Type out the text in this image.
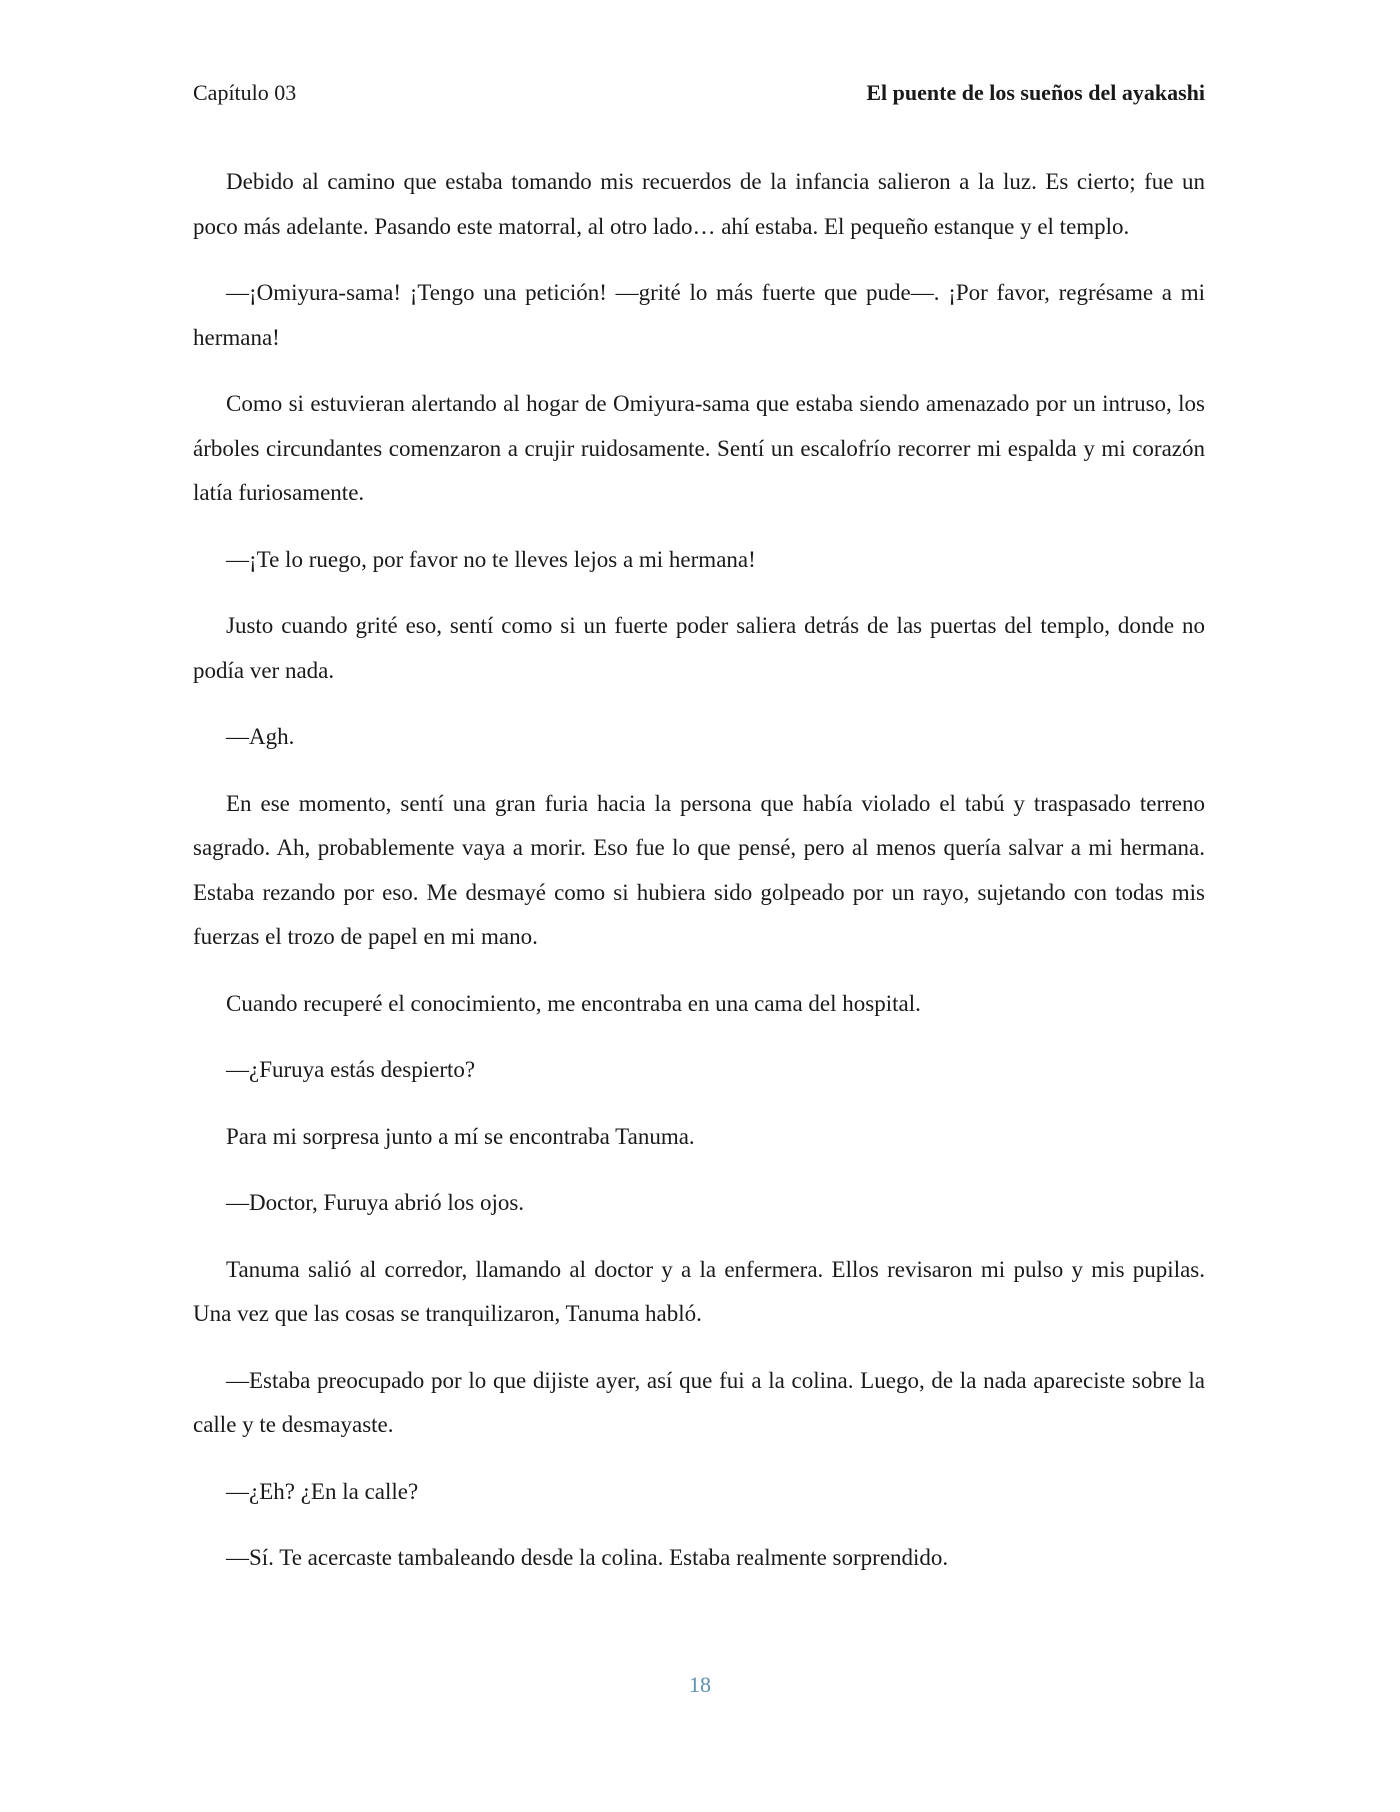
Capítulo 03	El puente de los sueños del ayakashi

Debido al camino que estaba tomando mis recuerdos de la infancia salieron a la luz. Es cierto; fue un poco más adelante. Pasando este matorral, al otro lado… ahí estaba. El pequeño estanque y el templo.

—¡Omiyura-sama! ¡Tengo una petición! —grité lo más fuerte que pude—. ¡Por favor, regrésame a mi hermana!

Como si estuvieran alertando al hogar de Omiyura-sama que estaba siendo amenazado por un intruso, los árboles circundantes comenzaron a crujir ruidosamente. Sentí un escalofrío recorrer mi espalda y mi corazón latía furiosamente.

—¡Te lo ruego, por favor no te lleves lejos a mi hermana!

Justo cuando grité eso, sentí como si un fuerte poder saliera detrás de las puertas del templo, donde no podía ver nada.

—Agh.

En ese momento, sentí una gran furia hacia la persona que había violado el tabú y traspasado terreno sagrado. Ah, probablemente vaya a morir. Eso fue lo que pensé, pero al menos quería salvar a mi hermana. Estaba rezando por eso. Me desmayé como si hubiera sido golpeado por un rayo, sujetando con todas mis fuerzas el trozo de papel en mi mano.

Cuando recuperé el conocimiento, me encontraba en una cama del hospital.

—¿Furuya estás despierto?

Para mi sorpresa junto a mí se encontraba Tanuma.

—Doctor, Furuya abrió los ojos.

Tanuma salió al corredor, llamando al doctor y a la enfermera. Ellos revisaron mi pulso y mis pupilas. Una vez que las cosas se tranquilizaron, Tanuma habló.

—Estaba preocupado por lo que dijiste ayer, así que fui a la colina. Luego, de la nada apareciste sobre la calle y te desmayaste.

—¿Eh? ¿En la calle?

—Sí. Te acercaste tambaleando desde la colina. Estaba realmente sorprendido.

18
